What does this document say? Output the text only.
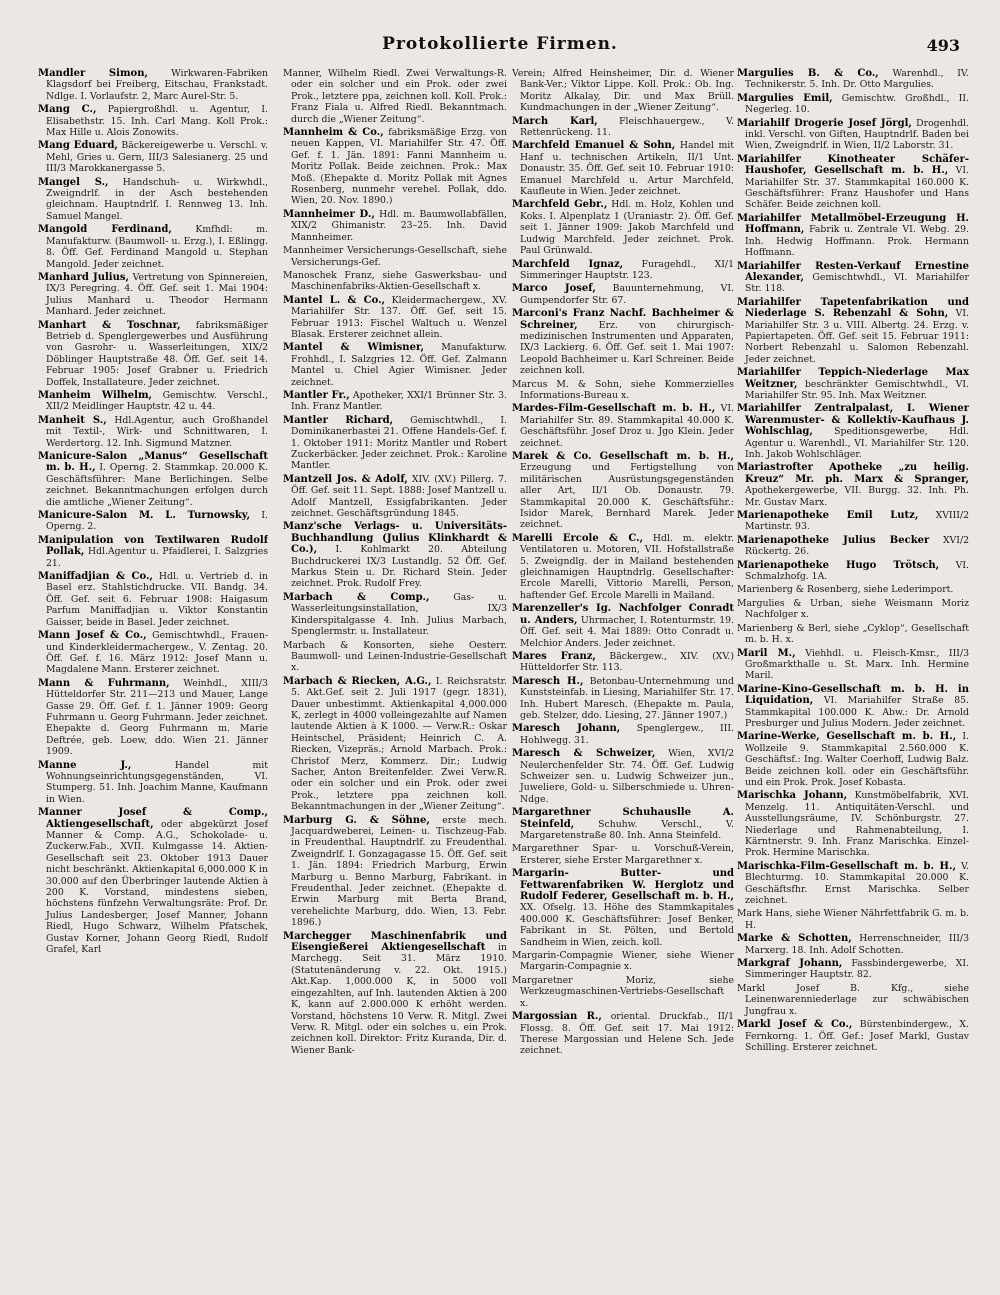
Protokollierte Firmen.	493
Mandler Simon, Wirkwaren-Fabriken Klagsdorf bei Freiberg, Eitschau, Frankstadt. Ndlge. I. Vorlaufstr. 2, Marc Aurel-Str. 5.
Mang C., Papiergroßhdl. u. Agentur, I. Elisabethstr. 15. Inh. Carl Mang. Koll Prok.: Max Hille u. Alois Zonowits.
Mang Eduard, Bäckereigewerbe u. Verschl. v. Mehl, Gries u. Gern, III/3 Salesianerg. 25 und III/3 Marokkanergasse 5.
Mangel S., Handschuh- u. Wirkwhdl., Zweigndrlf. in der Asch bestehenden gleichnam. Hauptndrlf. I. Rennweg 13. Inh. Samuel Mangel.
Mangold Ferdinand,	Kmfhdl: m. Manufakturw. (Baumwoll- u. Erzg.), I. Eßlingg. 8. Öff. Gef. Ferdinand Mangold u. Stephan Mangold. Jeder zeichnet.
Manhard Julius, Vertretung von Spinnereien, IX/3 Peregring. 4. Öff. Gef. seit 1. Mai 1904: Julius Manhard u. Theodor Hermann Manhard. Jeder zeichnet.
Manhart & Toschnar, fabriksmäßiger Betrieb d. Spenglergewerbes und Ausführung von Gasrohr- u. Wasserleitungen, XIX/2 Döblinger Hauptstraße 48. Öff. Gef. seit 14. Februar 1905: Josef Grabner u. Friedrich Doffek, Installateure. Jeder zeichnet.
Manheim Wilhelm, Gemischtw. Verschl., XII/2 Meidlinger Hauptstr. 42 u. 44.
Manheit S., Hdl.Agentur, auch Großhandel mit Textil-, Wirk- und Schnittwaren, I. Werdertorg. 12. Inh. Sigmund Matzner.
Manicure-Salon „Manus“ Gesellschaft m. b. H., I. Operng. 2. Stammkap. 20.000 K. Geschäftsführer: Mane Berlichingen. Selbe zeichnet. Bekanntmachungen erfolgen durch die amtliche „Wiener Zeitung“.
Manicure-Salon M. L. Turnowsky, I. Operng. 2.
Manipulation von Textilwaren Rudolf Pollak, Hdl.Agentur u. Pfaidlerei, I. Salzgries 21.
Maniffadjian & Co., Hdl. u. Vertrieb d. in Basel erz. Stahlstichdrucke. VII. Bandg. 34. Öff. Gef. seit 6. Februar 1908: Haigasum Parfum Maniffadjian u. Viktor Konstantin Gaisser, beide in Basel. Jeder zeichnet.
Mann Josef & Co., Gemischtwhdl., Frauen- und Kinderkleidermachergew., V. Zentag. 20. Öff. Gef. f. 16. März 1912: Josef Mann u. Magdalene Mann. Ersterer zeichnet.
Mann & Fuhrmann, Weinhdl., XIII/3 Hütteldorfer Str. 211—213 und Mauer, Lange Gasse 29. Öff. Gef. f. 1. Jänner 1909: Georg Fuhrmann u. Georg Fuhrmann. Jeder zeichnet. Ehepakte d. Georg Fuhrmann m. Marie Deftrée, geb. Loew, ddo. Wien 21. Jänner 1909.
Manne J.,	Handel mit Wohnungseinrichtungsgegenständen, VI. Stumperg. 51. Inh. Joachim Manne, Kaufmann in Wien.
Manner Josef & Comp., Aktiengesellschaft, oder abgekürzt Josef Manner & Comp. A.G., Schokolade- u. Zuckerw.Fab., XVII. Kulmgasse 14. Aktien-Gesellschaft seit 23. Oktober 1913 Dauer nicht beschränkt. Aktienkapital 6,000.000 K in 30.000 auf den Überbringer lautende Aktien à 200 K. Vorstand, mindestens sieben, höchstens fünfzehn Verwaltungsräte: Prof. Dr. Julius Landesberger, Josef Manner, Johann Riedl, Hugo Schwarz, Wilhelm Pfatschek, Gustav Korner, Johann Georg Riedl, Rudolf Grafel, Karl
Manner, Wilhelm Riedl. Zwei Verwaltungs-R. oder ein solcher und ein Prok. oder zwei Prok., letztere ppa, zeichnen koll. Koll. Prok.: Franz Fiala u. Alfred Riedl. Bekanntmach. durch die „Wiener Zeitung“.
Mannheim & Co., fabriksmäßige Erzg. von neuen Kappen, VI. Mariahilfer Str. 47. Öff. Gef. f. 1. Jän. 1891: Fanni Mannheim u. Moritz Pollak. Beide zeichnen. Prok.: Max Moß. (Ehepakte d. Moritz Pollak mit Agnes Rosenberg, nunmehr verehel. Pollak, ddo. Wien, 20. Nov. 1890.)
Mannheimer D., Hdl. m. Baumwollabfällen, XIX/2 Ghimanistr. 23–25. Inh. David Mannheimer.
Mannheimer Versicherungs-Gesellschaft, siehe Versicherungs-Gef.
Manoschek Franz, siehe Gaswerksbau- und Maschinenfabriks-Aktien-Gesellschaft x.
Mantel L. & Co., Kleidermachergew., XV. Mariahilfer Str. 137. Öff. Gef. seit 15. Februar 1913: Fischel Waltuch u. Wenzel Blasak. Ersterer zeichnet allein.
Mantel & Wimisner, Manufakturw. Frohhdl., I. Salzgries 12. Öff. Gef. Zalmann Mantel u. Chiel Agier Wimisner. Jeder zeichnet.
Mantler Fr., Apotheker, XXI/1 Brünner Str. 3. Inh. Franz Mantler.
Mantler Richard, Gemischtwhdl., I. Dominikanerbastei 21. Offene Handels-Gef. f. 1. Oktober 1911: Moritz Mantler und Robert Zuckerbäcker. Jeder zeichnet. Prok.: Karoline Mantler.
Mantzell Jos. & Adolf, XIV. (XV.) Pillerg. 7. Öff. Gef. seit 11. Sept. 1888: Josef Mantzell u. Adolf Mantzell, Essigfabrikanten. Jeder zeichnet. Geschäftsgründung 1845.
Manz'sche Verlags- u. Universitäts-Buchhandlung (Julius Klinkhardt & Co.), I. Kohlmarkt 20. Abteilung Buchdruckerei IX/3 Lustandlg. 52 Öff. Gef. Markus Stein u. Dr. Richard Stein. Jeder zeichnet. Prok. Rudolf Frey.
Marbach & Comp.,	Gas- u. Wasserleitungsinstallation, IX/3 Kinderspitalgasse 4. Inh. Julius Marbach, Spenglermstr. u. Installateur.
Marbach & Konsorten, siehe Oesterr. Baumwoll- und Leinen-Industrie-Gesellschaft x.
Marbach & Riecken, A.G., I. Reichsratstr. 5. Akt.Gef. seit 2. Juli 1917 (gegr. 1831), Dauer unbestimmt. Aktienkapital 4,000.000 K, zerlegt in 4000 volleingezahlte auf Namen lautende Aktien à K 1000. — Verw.R.: Oskar Heintschel, Präsident; Heinrich C. A. Riecken, Vizepräs.; Arnold Marbach. Prok.: Christof Merz, Kommerz. Dir.; Ludwig Sacher, Anton Breitenfelder. Zwei Verw.R. oder ein solcher und ein Prok. oder zwei Prok., letztere ppa zeichnen koll. Bekanntmachungen in der „Wiener Zeitung“.
Marburg G. & Söhne, erste mech. Jacquardweberei, Leinen- u. Tischzeug-Fab. in Freudenthal. Hauptndrlf. zu Freudenthal. Zweigndrlf. I. Gonzagagasse 15. Öff. Gef. seit 1. Jän. 1894: Friedrich Marburg, Erwin Marburg u. Benno Marburg, Fabrikant. in Freudenthal. Jeder zeichnet. (Ehepakte d. Erwin Marburg mit Berta Brand, verehelichte Marburg, ddo. Wien, 13. Febr. 1896.)
Marchegger Maschinenfabrik und Eisengießerei Aktiengesellschaft in Marchegg. Seit 31. März 1910. (Statutenänderung v. 22. Okt. 1915.) Akt.Kap. 1,000.000 K, in 5000 voll eingezahlten, auf Inh. lautenden Aktien à 200 K, kann auf 2.000.000 K erhöht werden. Vorstand, höchstens 10 Verw. R. Mitgl. Zwei Verw. R. Mitgl. oder ein solches u. ein Prok. zeichnen koll. Direktor: Fritz Kuranda, Dir. d. Wiener Bank-
Verein; Alfred Heinsheimer, Dir. d. Wiener Bank-Ver.; Viktor Lippe. Koll. Prok.: Ob. Ing. Moritz Alkalay, Dir. und Max Brüll. Kundmachungen in der „Wiener Zeitung“.
March Karl, Fleischhauergew., V. Rettenrückeng. 11.
Marchfeld Emanuel & Sohn, Handel mit Hanf u. technischen Artikeln, II/1 Unt. Donaustr. 35. Öff. Gef. seit 10. Februar 1910: Emanuel Marchfeld u. Artur Marchfeld, Kaufleute in Wien. Jeder zeichnet.
Marchfeld Gebr., Hdl. m. Holz, Kohlen und Koks. I. Alpenplatz 1 (Uraniastr. 2). Öff. Gef. seit 1. Jänner 1909: Jakob Marchfeld und Ludwig Marchfeld. Jeder zeichnet. Prok. Paul Grünwald.
Marchfeld Ignaz, Furagehdl., XI/1 Simmeringer Hauptstr. 123.
Marco Josef, Bauunternehmung, VI. Gumpendorfer Str. 67.
Marconi's Franz Nachf. Bachheimer & Schreiner, Erz. von chirurgisch-medizinischen Instrumenten und Apparaten, IX/3 Lackierg. 6. Öff. Gef. seit 1. Mai 1907: Leopold Bachheimer u. Karl Schreiner. Beide zeichnen koll.
Marcus M. & Sohn, siehe Kommerzielles Informations-Bureau x.
Mardes-Film-Gesellschaft m. b. H., VI. Mariahilfer Str. 89. Stammkapital 40.000 K. Geschäftsführ. Josef Droz u. Jgo Klein. Jeder zeichnet.
Marek & Co. Gesellschaft m. b. H., Erzeugung und Fertigstellung von militärischen Ausrüstungsgegenständen aller Art, II/1 Ob. Donaustr. 79. Stammkapital 20.000 K. Geschäftsführ.: Isidor Marek, Bernhard Marek. Jeder zeichnet.
Marelli Ercole & C., Hdl. m. elektr. Ventilatoren u. Motoren, VII. Hofstallstraße 5. Zweigndlg. der in Mailand bestehenden gleichnamigen Hauptndrlg. Gesellschafter: Ercole Marelli, Vittorio Marelli, Person, haftender Gef. Ercole Marelli in Mailand.
Marenzeller's Ig. Nachfolger Conradt u. Anders, Uhrmacher, I. Rotenturmstr. 19. Öff. Gef. seit 4. Mai 1889: Otto Conradt u. Melchior Anders. Jeder zeichnet.
Mares Franz, Bäckergew., XIV. (XV.) Hütteldorfer Str. 113.
Maresch H., Betonbau-Unternehmung und Kunststeinfab. in Liesing, Mariahilfer Str. 17. Inh. Hubert Maresch. (Ehepakte m. Paula, geb. Stelzer, ddo. Liesing, 27. Jänner 1907.)
Maresch Johann, Spenglergew., III. Hohlwegg. 31.
Maresch & Schweizer, Wien, XVI/2 Neulerchenfelder Str. 74. Öff. Gef. Ludwig Schweizer sen. u. Ludwig Schweizer jun., Juweliere, Gold- u. Silberschmiede u. Uhren-Ndge.
Margarethner Schuhauslle A. Steinfeld,	Schuhw. Verschl., V. Margaretenstraße 80. Inh. Anna Steinfeld.
Margarethner Spar- u. Vorschuß-Verein, Ersterer, siehe Erster Margarethner x.
Margarin- Butter- und Fettwarenfabriken W. Herglotz und Rudolf Federer, Gesellschaft m. b. H., XX. Ofselg. 13. Höhe des Stammkapitales 400.000 K. Geschäftsführer: Josef Benker, Fabrikant in St. Pölten, und Bertold Sandheim in Wien, zeich. koll.
Margarin-Compagnie Wiener, siehe Wiener Margarin-Compagnie x.
Margaretner Moriz, siehe Werkzeugmaschinen-Vertriebs-Gesellschaft x.
Margossian R., oriental. Druckfab., II/1 Flossg. 8. Öff. Gef. seit 17. Mai 1912: Therese Margossian und Helene Sch. Jede zeichnet.
Margulies B. & Co., Warenhdl., IV. Technikerstr. 5. Inh. Dr. Otto Margulies.
Margulies Emil, Gemischtw. Großhdl., II. Negerleg. 10.
Mariahilf Drogerie Josef Jörgl, Drogenhdl. inkl. Verschl. von Giften, Hauptndrlf. Baden bei Wien, Zweigndrlf. in Wien, II/2 Laborstr. 31.
Mariahilfer Kinotheater Schäfer-Haushofer, Gesellschaft m. b. H., VI. Mariahilfer Str. 37. Stammkapital 160.000 K. Geschäftsführer: Franz Haushofer und Hans Schäfer. Beide zeichnen koll.
Mariahilfer Metallmöbel-Erzeugung H. Hoffmann, Fabrik u. Zentrale VI. Webg. 29. Inh. Hedwig Hoffmann. Prok. Hermann Hoffmann.
Mariahilfer Resten-Verkauf Ernestine Alexander, Gemischtwhdl., VI. Mariahilfer Str. 118.
Mariahilfer Tapetenfabrikation und Niederlage S. Rebenzahl & Sohn, VI. Mariahilfer Str. 3 u. VIII. Albertg. 24. Erzg. v. Papiertapeten. Öff. Gef. seit 15. Februar 1911: Norbert Rebenzahl u. Salomon Rebenzahl. Jeder zeichnet.
Mariahilfer Teppich-Niederlage Max Weitzner, beschränkter Gemischtwhdl., VI. Mariahilfer Str. 95. Inh. Max Weitzner.
Mariahilfer Zentralpalast, I. Wiener Warenmuster- & Kollektiv-Kaufhaus J. Wohlschlag, Speditionsgewerbe, Hdl. Agentur u. Warenhdl., VI. Mariahilfer Str. 120. Inh. Jakob Wohlschläger.
Mariastrofter Apotheke „zu heilig. Kreuz“ Mr. ph. Marx & Spranger, Apothekergewerbe, VII. Burgg. 32. Inh. Ph. Mr. Gustav Marx.
Marienapotheke Emil Lutz, XVIII/2 Martinstr. 93.
Marienapotheke Julius Becker XVI/2 Rückertg. 26.
Marienapotheke Hugo Trötsch, VI. Schmalzhofg. 1A.
Marienberg & Rosenberg, siehe Lederimport.
Margulies & Urban, siehe Weismann Moriz Nachfolger x.
Marienberg & Berl, siehe „Cyklop“, Gesellschaft m. b. H. x.
Maril M., Viehhdl. u. Fleisch-Kmsr., III/3 Großmarkthalle u. St. Marx. Inh. Hermine Maril.
Marine-Kino-Gesellschaft m. b. H. in Liquidation, VI. Mariahilfer Straße 85. Stammkapital 100.000 K. Abw.: Dr. Arnold Presburger und Julius Modern. Jeder zeichnet.
Marine-Werke, Gesellschaft m. b. H., I. Wollzeile 9. Stammkapital 2.560.000 K. Geschäftsf.: Ing. Walter Coerhoff, Ludwig Balz. Beide zeichnen koll. oder ein Geschäftsführ. und ein Prok. Prok. Josef Kobasta.
Marischka Johann, Kunstmöbelfabrik, XVI. Menzelg. 11. Antiquitäten-Verschl. und Ausstellungsräume, IV. Schönburgstr. 27. Niederlage und Rahmenabteilung, I. Kärntnerstr. 9. Inh. Franz Marischka. Einzel-Prok. Hermine Marischka.
Marischka-Film-Gesellschaft m. b. H., V. Blechturmg. 10. Stammkapital 20.000 K. Geschäftsfhr. Ernst Marischka. Selber zeichnet.
Mark Hans, siehe Wiener Nährfettfabrik G. m. b. H.
Marke & Schotten, Herrenschneider, III/3 Marxerg. 18. Inh. Adolf Schotten.
Markgraf Johann, Fassbindergewerbe, XI. Simmeringer Hauptstr. 82.
Markl Josef B. Kfg., siehe Leinenwarenniederlage zur schwäbischen Jungfrau x.
Markl Josef & Co., Bürstenbindergew., X. Fernkorng. 1. Öff. Gef.: Josef Markl, Gustav Schilling. Ersterer zeichnet.
